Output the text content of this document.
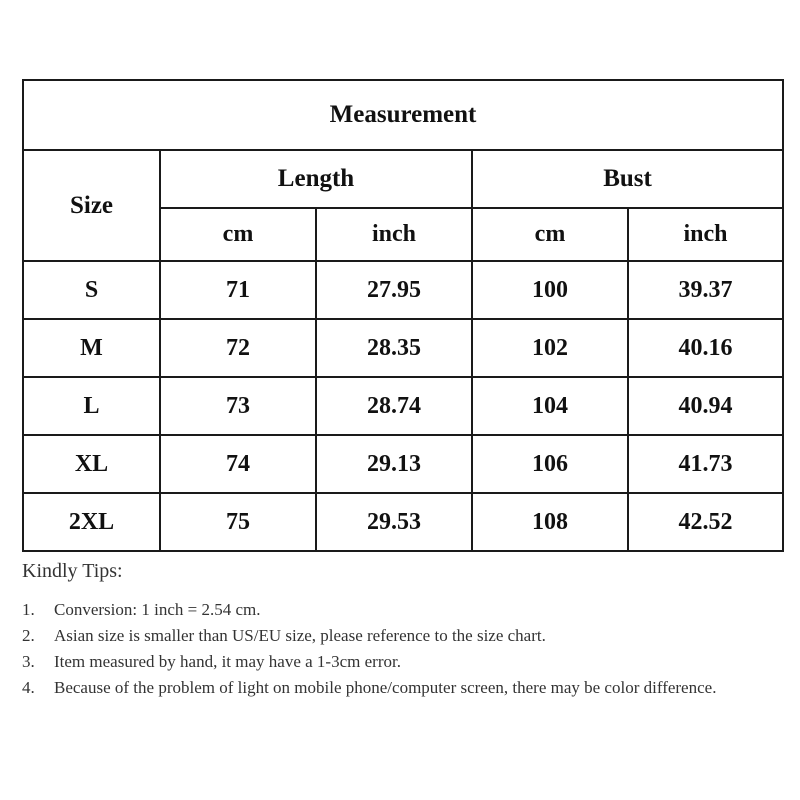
Measurement				
Size	Length		Bust	
	cm	inch	cm	inch
S	71	27.95	100	39.37
M	72	28.35	102	40.16
L	73	28.74	104	40.94
XL	74	29.13	106	41.73
2XL	75	29.53	108	42.52
Kindly Tips:
1.	Conversion: 1 inch = 2.54 cm.
2.	Asian size is smaller than US/EU size, please reference to the size chart.
3.	Item measured by hand, it may have a 1-3cm error.
4.	Because of the problem of light on mobile phone/computer screen, there may be color difference.
